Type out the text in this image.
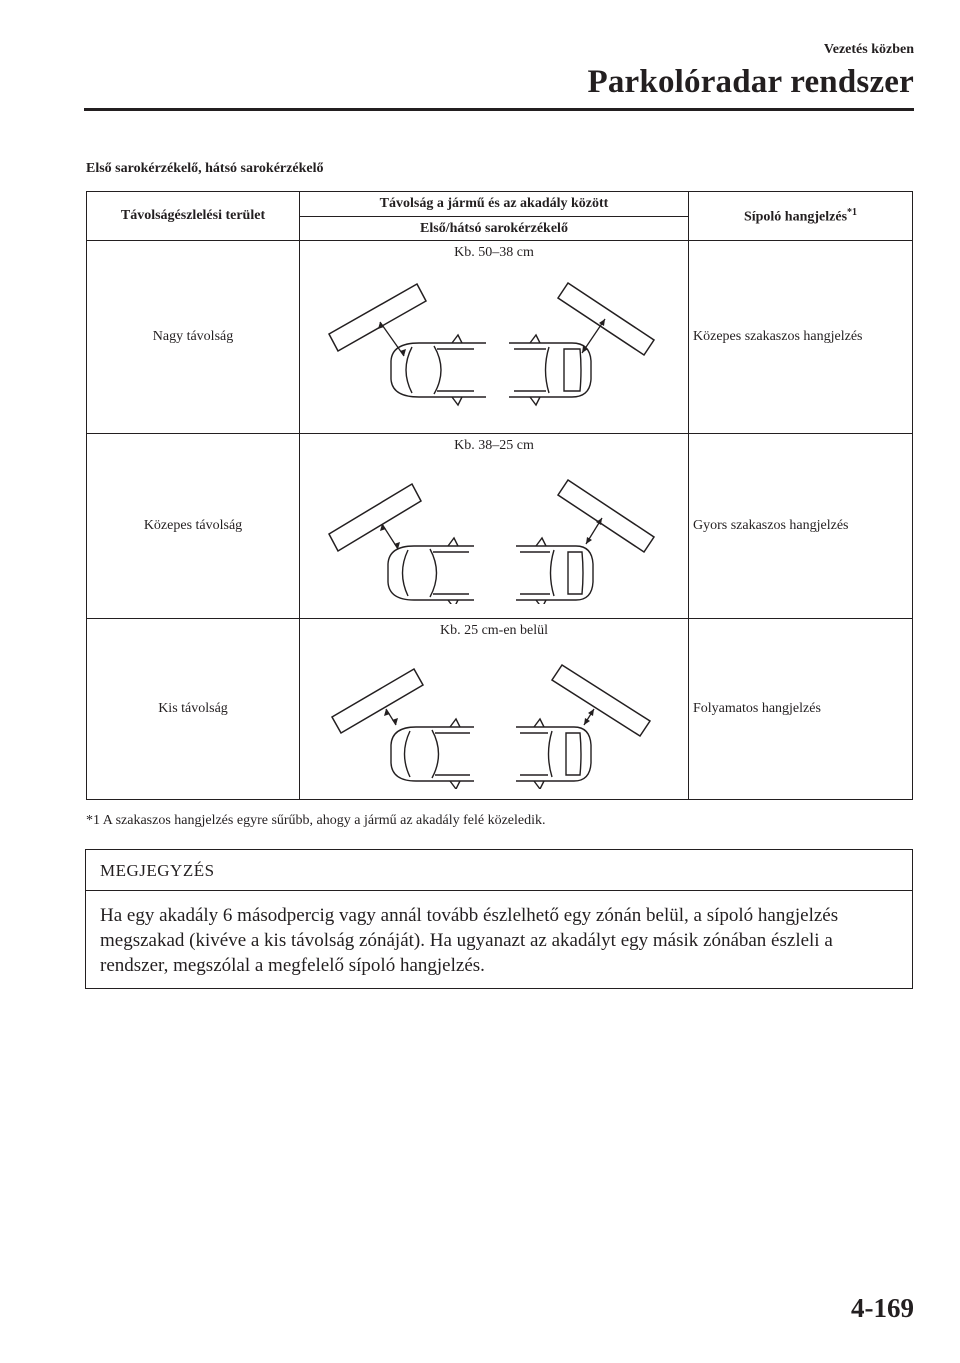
Vezetés közben
Parkolóradar rendszer
Első sarokérzékelő, hátsó sarokérzékelő
Távolságészlelési terület	Távolság a jármű és az akadály között	Sípoló hangjelzés$^{*1}$
	Első/hátsó sarokérzékelő	
Nagy távolság	Kb. 50–38 cm	Közepes szakaszos hangjelzés
Közepes távolság	Kb. 38–25 cm	Gyors szakaszos hangjelzés
Kis távolság	Kb. 25 cm-en belül	Folyamatos hangjelzés
*1 A szakaszos hangjelzés egyre sűrűbb, ahogy a jármű az akadály felé közeledik.
MEGJEGYZÉS
Ha egy akadály 6 másodpercig vagy annál tovább észlelhető egy zónán belül, a sípoló hangjelzés megszakad (kivéve a kis távolság zónáját). Ha ugyanazt az akadályt egy másik zónában észleli a rendszer, megszólal a megfelelő sípoló hangjelzés.
4-169
